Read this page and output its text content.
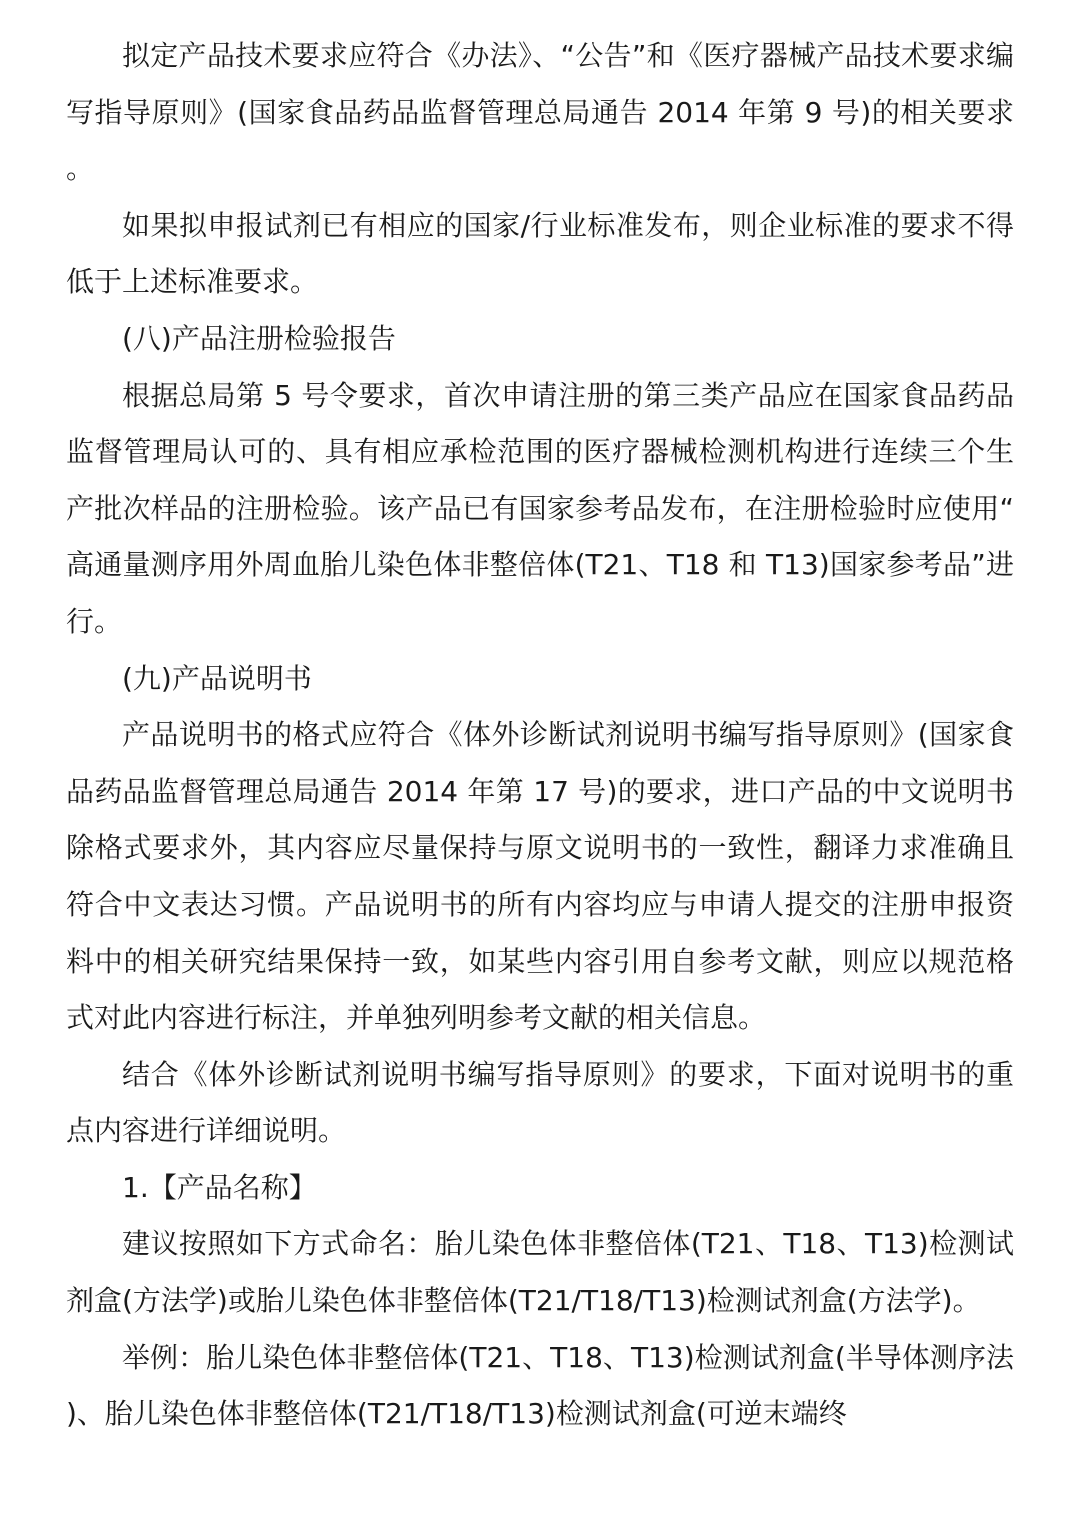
拟定产品技术要求应符合《办法》、“公告”和《医疗器械产品技术要求编写指导原则》(国家食品药品监督管理总局通告 2014 年第 9 号)的相关要求。

如果拟申报试剂已有相应的国家/行业标准发布，则企业标准的要求不得低于上述标准要求。

(八)产品注册检验报告

根据总局第 5 号令要求，首次申请注册的第三类产品应在国家食品药品监督管理局认可的、具有相应承检范围的医疗器械检测机构进行连续三个生产批次样品的注册检验。该产品已有国家参考品发布，在注册检验时应使用“高通量测序用外周血胎儿染色体非整倍体(T21、T18 和 T13)国家参考品”进行。

(九)产品说明书

产品说明书的格式应符合《体外诊断试剂说明书编写指导原则》(国家食品药品监督管理总局通告 2014 年第 17 号)的要求，进口产品的中文说明书除格式要求外，其内容应尽量保持与原文说明书的一致性，翻译力求准确且符合中文表达习惯。产品说明书的所有内容均应与申请人提交的注册申报资料中的相关研究结果保持一致，如某些内容引用自参考文献，则应以规范格式对此内容进行标注，并单独列明参考文献的相关信息。

结合《体外诊断试剂说明书编写指导原则》的要求，下面对说明书的重点内容进行详细说明。

1.【产品名称】

建议按照如下方式命名：胎儿染色体非整倍体(T21、T18、T13)检测试剂盒(方法学)或胎儿染色体非整倍体(T21/T18/T13)检测试剂盒(方法学)。

举例：胎儿染色体非整倍体(T21、T18、T13)检测试剂盒(半导体测序法)、胎儿染色体非整倍体(T21/T18/T13)检测试剂盒(可逆末端终
